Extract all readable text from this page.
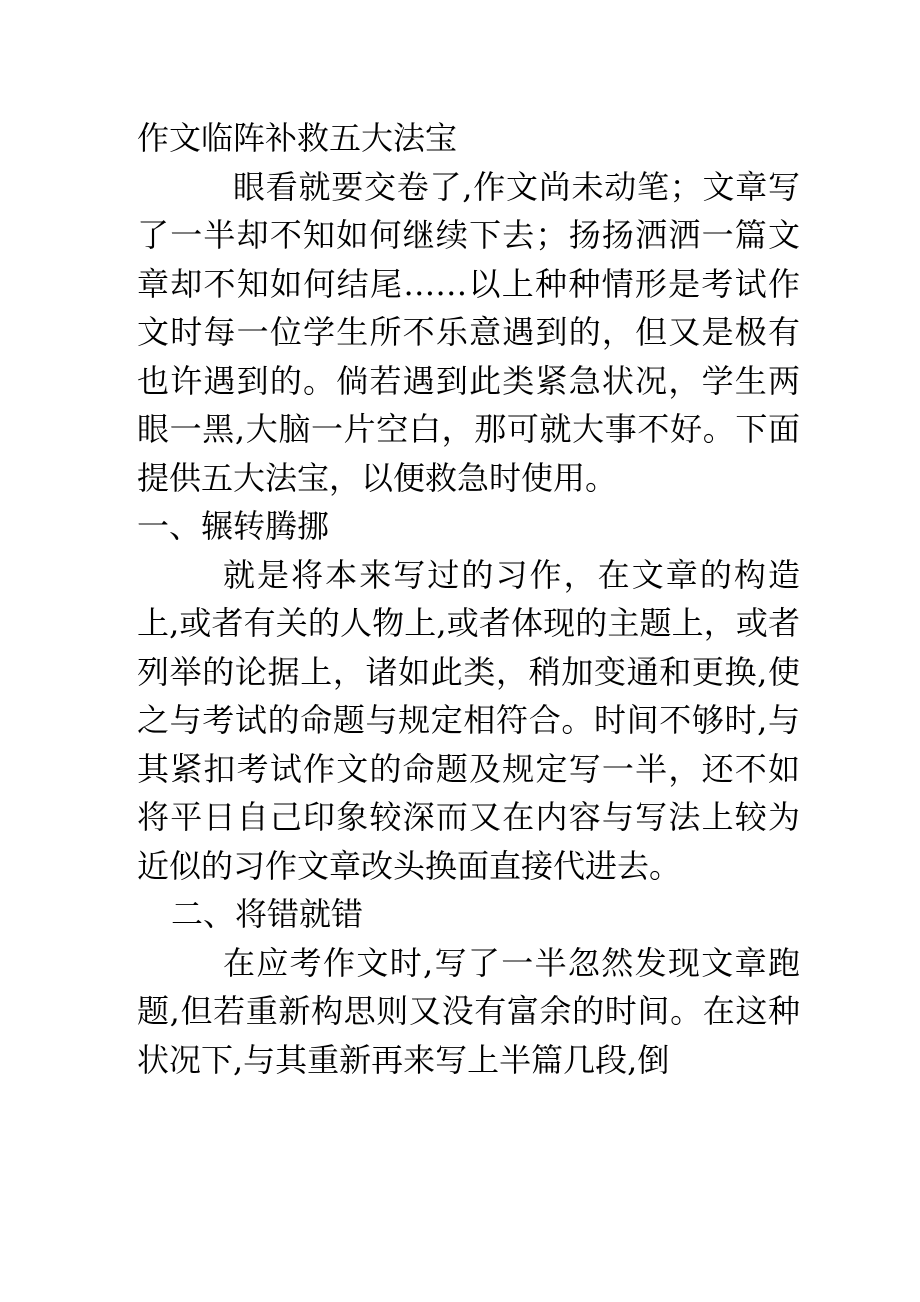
作文临阵补救五大法宝

眼看就要交卷了,作文尚未动笔；文章写了一半却不知如何继续下去；扬扬洒洒一篇文章却不知如何结尾……以上种种情形是考试作文时每一位学生所不乐意遇到的，但又是极有也许遇到的。倘若遇到此类紧急状况，学生两眼一黑,大脑一片空白，那可就大事不好。下面提供五大法宝，以便救急时使用。

一、辗转腾挪

就是将本来写过的习作，在文章的构造上,或者有关的人物上,或者体现的主题上，或者列举的论据上，诸如此类，稍加变通和更换,使之与考试的命题与规定相符合。时间不够时,与其紧扣考试作文的命题及规定写一半，还不如将平日自己印象较深而又在内容与写法上较为近似的习作文章改头换面直接代进去。

二、将错就错

在应考作文时,写了一半忽然发现文章跑题,但若重新构思则又没有富余的时间。在这种状况下,与其重新再来写上半篇几段,倒
